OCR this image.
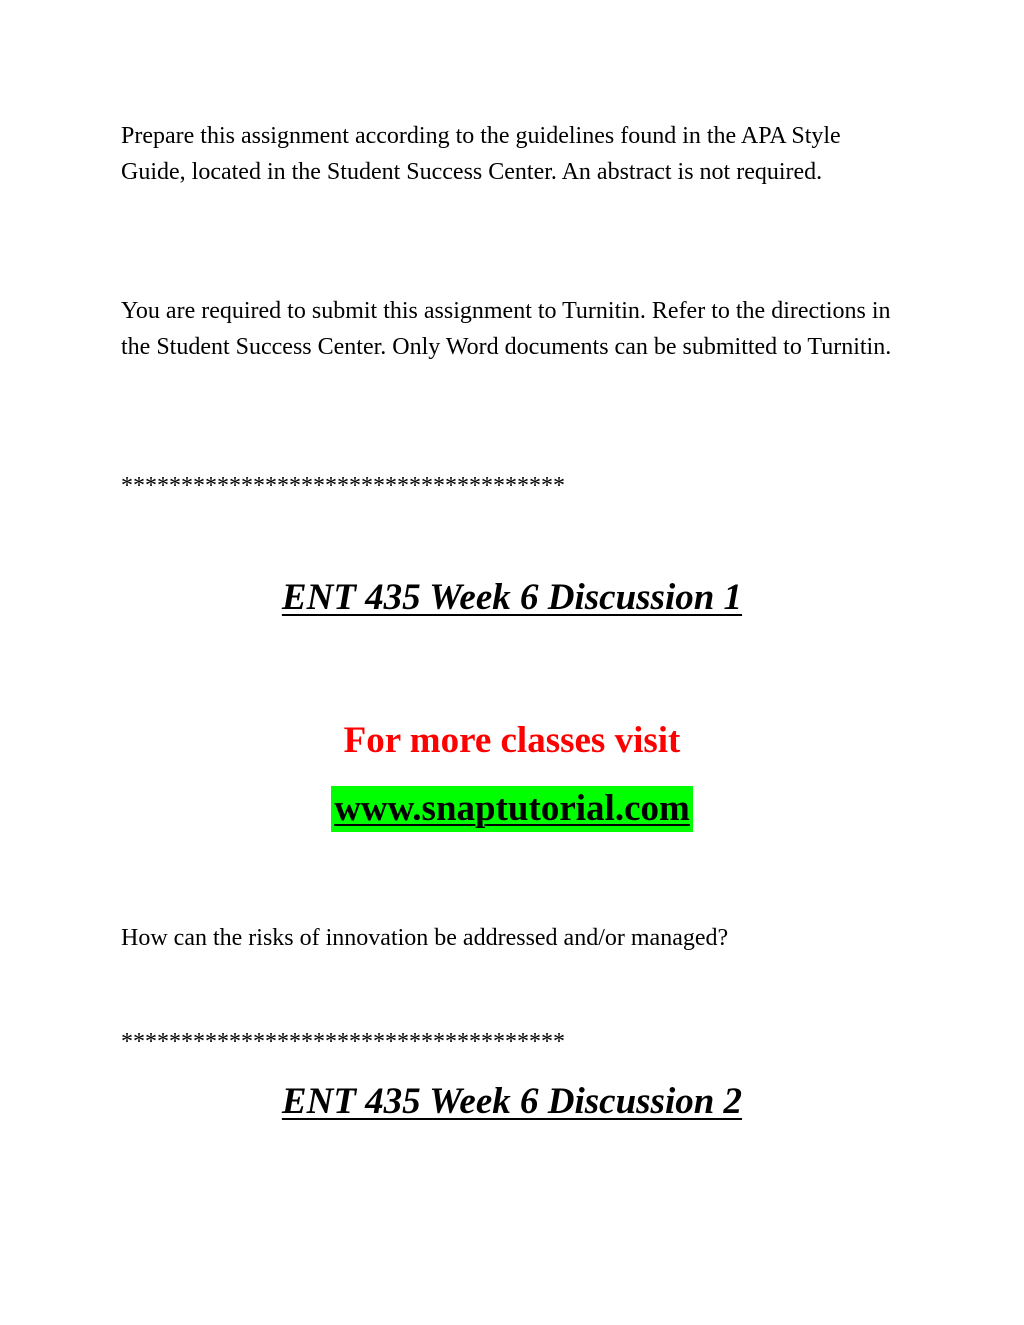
Prepare this assignment according to the guidelines found in the APA Style Guide, located in the Student Success Center. An abstract is not required.

You are required to submit this assignment to Turnitin. Refer to the directions in the Student Success Center. Only Word documents can be submitted to Turnitin.

*************************************

ENT 435 Week 6 Discussion 1

For more classes visit

www.snaptutorial.com

How can the risks of innovation be addressed and/or managed?

*************************************

ENT 435 Week 6 Discussion 2
